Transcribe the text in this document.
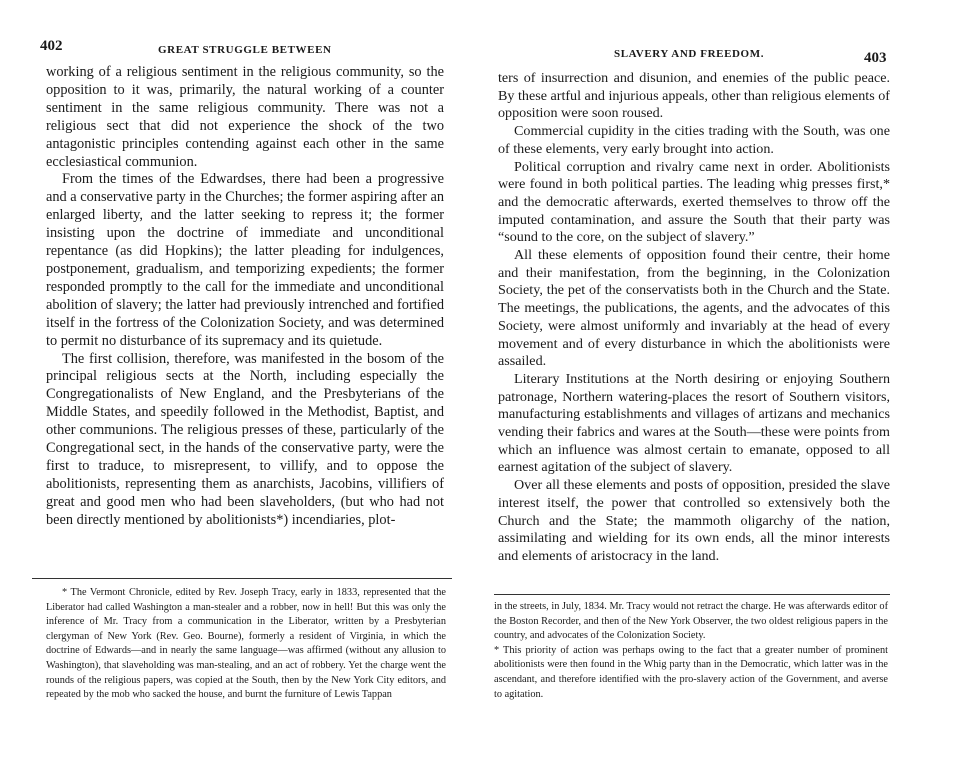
402	GREAT STRUGGLE BETWEEN

working of a religious sentiment in the religious community, so the opposition to it was, primarily, the natural working of a counter sentiment in the same religious community. There was not a religious sect that did not experience the shock of the two antagonistic principles contending against each other in the same ecclesiastical communion.

From the times of the Edwardses, there had been a progressive and a conservative party in the Churches; the former aspiring after an enlarged liberty, and the latter seeking to repress it; the former insisting upon the doctrine of immediate and unconditional repentance (as did Hopkins); the latter pleading for indulgences, postponement, gradualism, and temporizing expedients; the former responded promptly to the call for the immediate and unconditional abolition of slavery; the latter had previously intrenched and fortified itself in the fortress of the Colonization Society, and was determined to permit no disturbance of its supremacy and its quietude.

The first collision, therefore, was manifested in the bosom of the principal religious sects at the North, including especially the Congregationalists of New England, and the Presbyterians of the Middle States, and speedily followed in the Methodist, Baptist, and other communions. The religious presses of these, particularly of the Congregational sect, in the hands of the conservative party, were the first to traduce, to misrepresent, to villify, and to oppose the abolitionists, representing them as anarchists, Jacobins, villifiers of great and good men who had been slaveholders, (but who had not been directly mentioned by abolitionists*) incendiaries, plot-

* The Vermont Chronicle, edited by Rev. Joseph Tracy, early in 1833, represented that the Liberator had called Washington a man-stealer and a robber, now in hell! But this was only the inference of Mr. Tracy from a communication in the Liberator, written by a Presbyterian clergyman of New York (Rev. Geo. Bourne), formerly a resident of Virginia, in which the doctrine of Edwards—and in nearly the same language—was affirmed (without any allusion to Washington), that slaveholding was man-stealing, and an act of robbery. Yet the charge went the rounds of the religious papers, was copied at the South, then by the New York City editors, and repeated by the mob who sacked the house, and burnt the furniture of Lewis Tappan

SLAVERY AND FREEDOM.	403

ters of insurrection and disunion, and enemies of the public peace. By these artful and injurious appeals, other than religious elements of opposition were soon roused.

Commercial cupidity in the cities trading with the South, was one of these elements, very early brought into action.

Political corruption and rivalry came next in order. Abolitionists were found in both political parties. The leading whig presses first,* and the democratic afterwards, exerted themselves to throw off the imputed contamination, and assure the South that their party was “sound to the core, on the subject of slavery.”

All these elements of opposition found their centre, their home and their manifestation, from the beginning, in the Colonization Society, the pet of the conservatists both in the Church and the State. The meetings, the publications, the agents, and the advocates of this Society, were almost uniformly and invariably at the head of every movement and of every disturbance in which the abolitionists were assailed.

Literary Institutions at the North desiring or enjoying Southern patronage, Northern watering-places the resort of Southern visitors, manufacturing establishments and villages of artizans and mechanics vending their fabrics and wares at the South—these were points from which an influence was almost certain to emanate, opposed to all earnest agitation of the subject of slavery.

Over all these elements and posts of opposition, presided the slave interest itself, the power that controlled so extensively both the Church and the State; the mammoth oligarchy of the nation, assimilating and wielding for its own ends, all the minor interests and elements of aristocracy in the land.

in the streets, in July, 1834. Mr. Tracy would not retract the charge. He was afterwards editor of the Boston Recorder, and then of the New York Observer, the two oldest religious papers in the country, and advocates of the Colonization Society.

* This priority of action was perhaps owing to the fact that a greater number of prominent abolitionists were then found in the Whig party than in the Democratic, which latter was in the ascendant, and therefore identified with the pro-slavery action of the Government, and averse to agitation.
